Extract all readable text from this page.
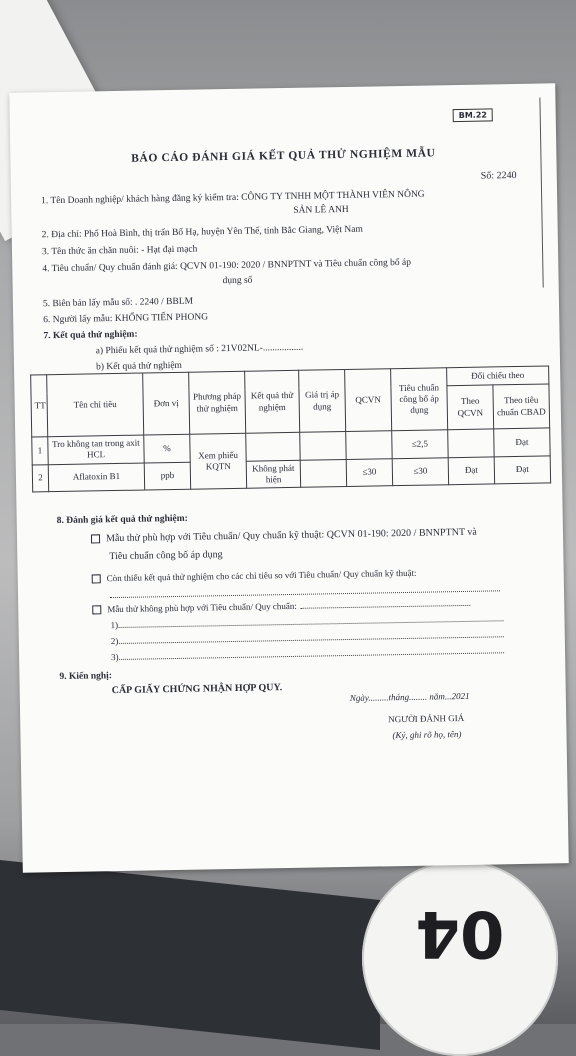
04
BM.22
BÁO CÁO ĐÁNH GIÁ KẾT QUẢ THỬ NGHIỆM MẪU
Số: 2240
1. Tên Doanh nghiệp/ khách hàng đăng ký kiểm tra: CÔNG TY TNHH MỘT THÀNH VIÊN NÔNG
SẢN LÊ ANH
2. Địa chỉ: Phố Hoà Bình, thị trấn Bố Hạ, huyện Yên Thế, tỉnh Bắc Giang, Việt Nam
3. Tên thức ăn chăn nuôi: - Hạt đại mạch
4. Tiêu chuẩn/ Quy chuẩn đánh giá: QCVN 01-190: 2020 / BNNPTNT và Tiêu chuẩn công bố áp
dụng số
5. Biên bản lấy mẫu số: . 2240 / BBLM
6. Người lấy mẫu: KHỔNG TIẾN PHONG
7. Kết quả thử nghiệm:
a) Phiếu kết quả thử nghiệm số : 21V02NL-.................
b) Kết quả thử nghiệm
TT	Tên chỉ tiêu	Đơn vị	Phương pháp thử nghiệm	Kết quả thử nghiệm	Giá trị áp dụng	QCVN	Tiêu chuẩn công bố áp dụng	Đối chiếu theo	
								Theo QCVN	Theo tiêu chuẩn CBAD
1	Tro không tan trong axit HCL	%	Xem phiếu KQTN				≤2,5		Đạt
2	Aflatoxin B1	ppb		Không phát hiện		≤30	≤30	Đạt	Đạt
8. Đánh giá kết quả thử nghiệm:
Mẫu thử phù hợp với Tiêu chuẩn/ Quy chuẩn kỹ thuật: QCVN 01-190: 2020 / BNNPTNT và
Tiêu chuẩn công bố áp dụng
Còn thiếu kết quả thử nghiệm cho các chỉ tiêu so với Tiêu chuẩn/ Quy chuẩn kỹ thuật:
Mẫu thử không phù hợp với Tiêu chuẩn/ Quy chuẩn:
1)
2)
3)
9. Kiến nghị:
CẤP GIẤY CHỨNG NHẬN HỢP QUY.
Ngày.........tháng........ năm...2021
NGƯỜI ĐÁNH GIÁ
(Ký, ghi rõ họ, tên)
